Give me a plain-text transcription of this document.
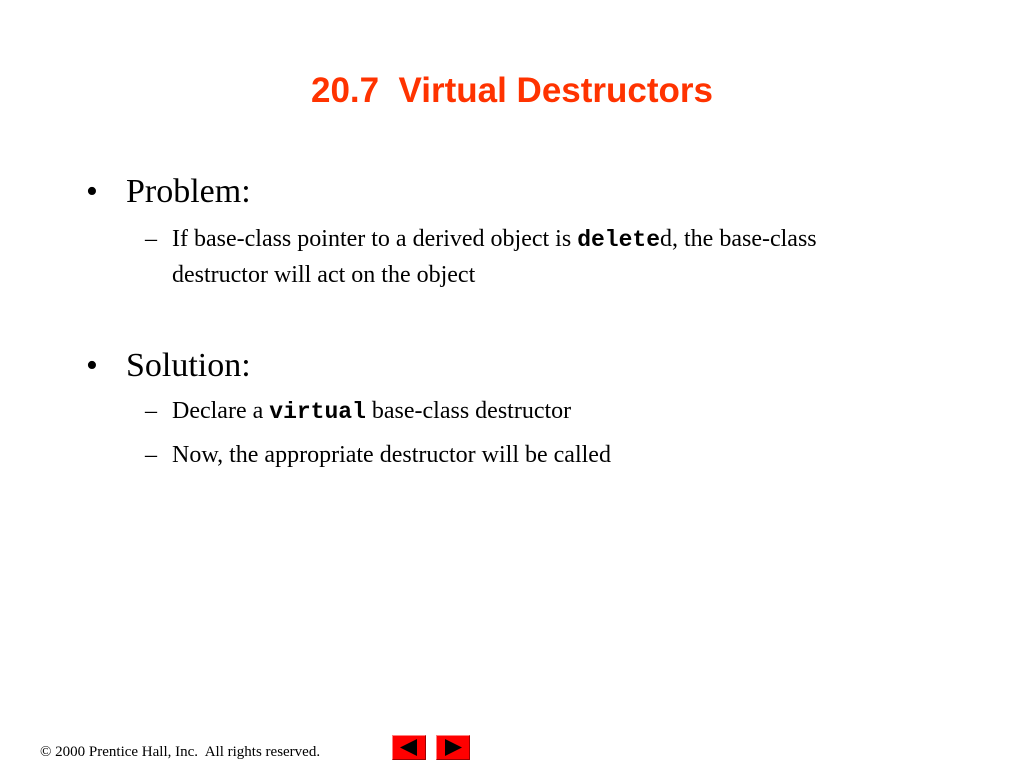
20.7  Virtual Destructors
• Problem:
– If base-class pointer to a derived object is deleted, the base-class destructor will act on the object
• Solution:
– Declare a virtual base-class destructor
– Now, the appropriate destructor will be called
© 2000 Prentice Hall, Inc.  All rights reserved.
